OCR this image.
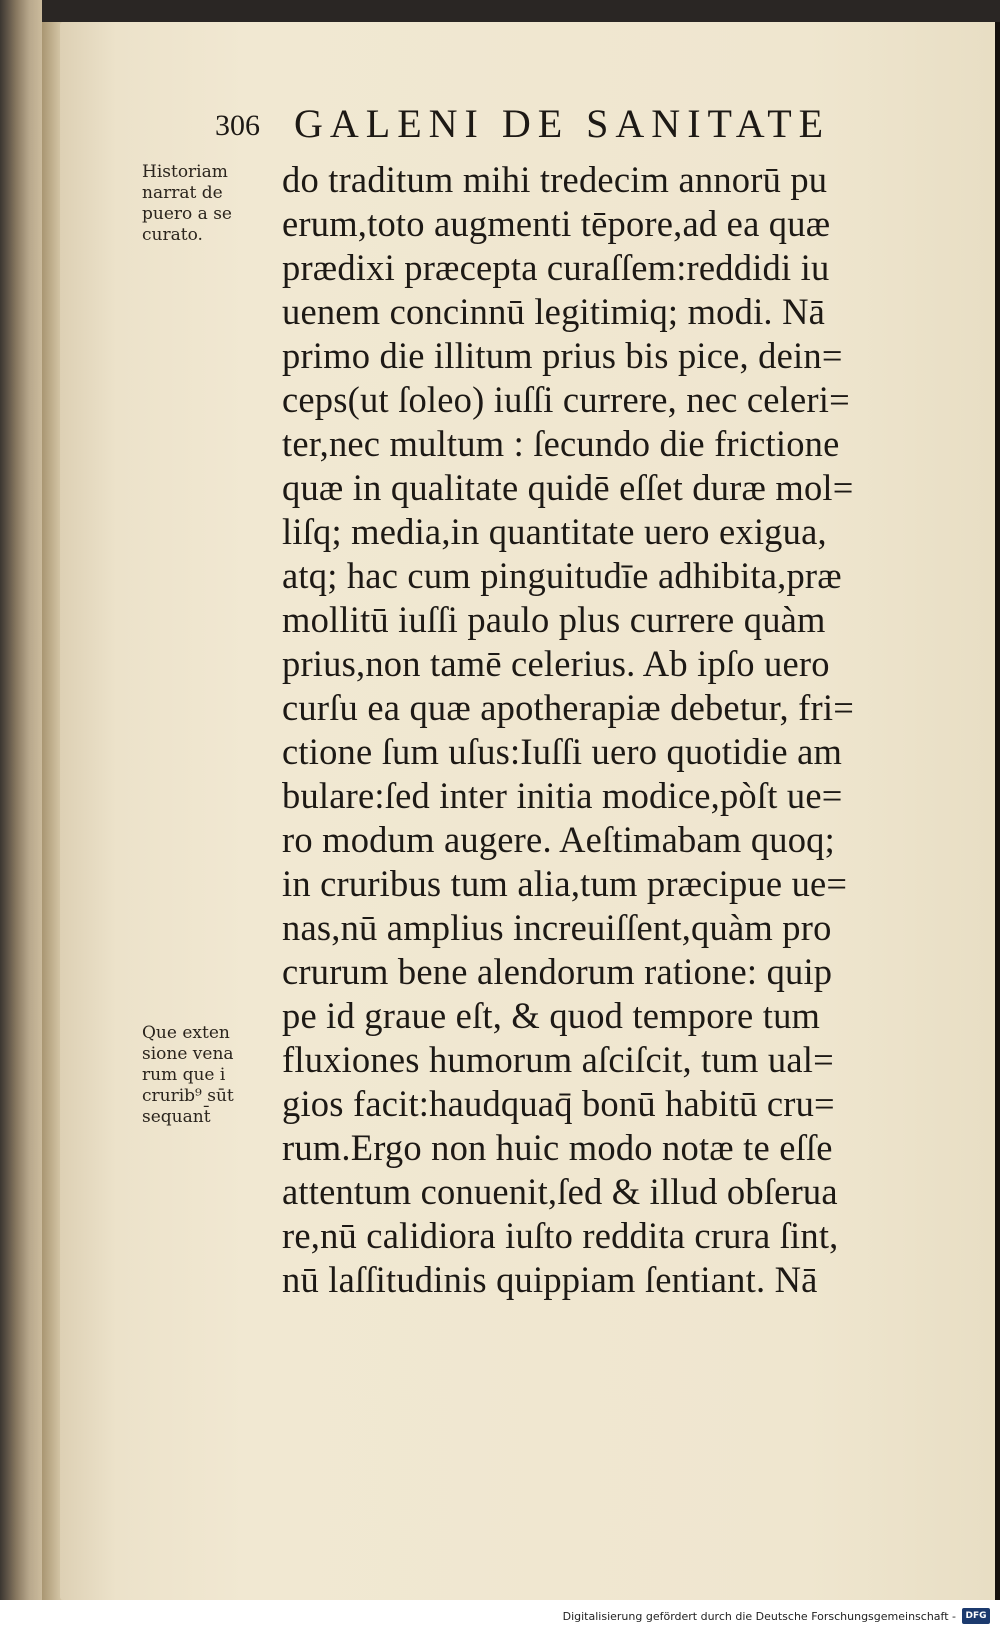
306 GALENI DE SANITATE
Historiam
narrat de
puero a se
curato.
Que exten
sione vena
rum que i
crurib⁹ sūt
sequant̄
do traditum mihi tredecim annorū pu
erum,toto augmenti tēpore,ad ea quæ
prædixi præcepta curaſſem:reddidi iu
uenem concinnū legitimiq; modi. Nā
primo die illitum prius bis pice, dein=
ceps(ut ſoleo) iuſſi currere, nec celeri=
ter,nec multum : ſecundo die frictione
quæ in qualitate quidē eſſet duræ mol=
liſq; media,in quantitate uero exigua,
atq; hac cum pinguitudīe adhibita,præ
mollitū iuſſi paulo plus currere quàm
prius,non tamē celerius. Ab ipſo uero
curſu ea quæ apotherapiæ debetur, fri=
ctione ſum uſus:Iuſſi uero quotidie am
bulare:ſed inter initia modice,pòſt ue=
ro modum augere. Aeſtimabam quoq;
in cruribus tum alia,tum præcipue ue=
nas,nū amplius increuiſſent,quàm pro
crurum bene alendorum ratione: quip
pe id graue eſt, & quod tempore tum
fluxiones humorum aſciſcit, tum ual=
gios facit:haudquaq̄ bonū habitū cru=
rum.Ergo non huic modo notæ te eſſe
attentum conuenit,ſed & illud obſerua
re,nū calidiora iuſto reddita crura ſint,
nū laſſitudinis quippiam ſentiant. Nā
Digitalisierung gefördert durch die Deutsche Forschungsgemeinschaft -	DFG
